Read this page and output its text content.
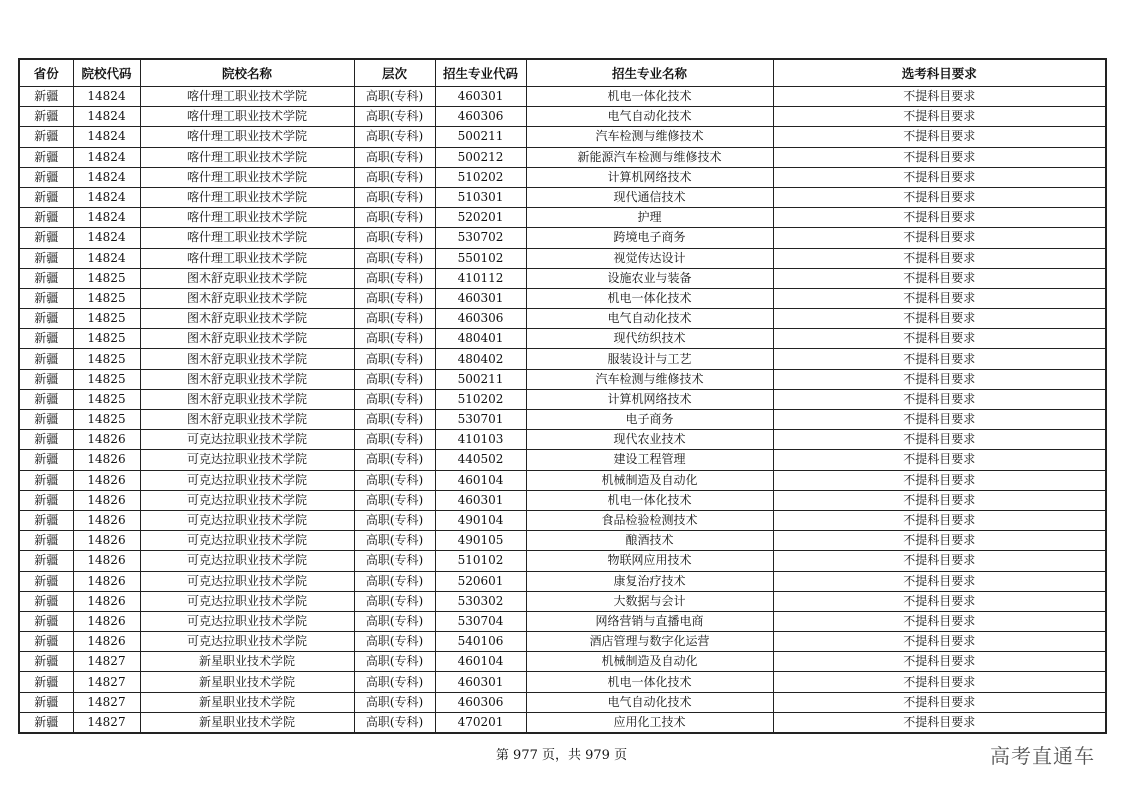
省份	院校代码	院校名称	层次	招生专业代码	招生专业名称	选考科目要求
新疆	14824	喀什理工职业技术学院	高职(专科)	460301	机电一体化技术	不提科目要求
新疆	14824	喀什理工职业技术学院	高职(专科)	460306	电气自动化技术	不提科目要求
新疆	14824	喀什理工职业技术学院	高职(专科)	500211	汽车检测与维修技术	不提科目要求
新疆	14824	喀什理工职业技术学院	高职(专科)	500212	新能源汽车检测与维修技术	不提科目要求
新疆	14824	喀什理工职业技术学院	高职(专科)	510202	计算机网络技术	不提科目要求
新疆	14824	喀什理工职业技术学院	高职(专科)	510301	现代通信技术	不提科目要求
新疆	14824	喀什理工职业技术学院	高职(专科)	520201	护理	不提科目要求
新疆	14824	喀什理工职业技术学院	高职(专科)	530702	跨境电子商务	不提科目要求
新疆	14824	喀什理工职业技术学院	高职(专科)	550102	视觉传达设计	不提科目要求
新疆	14825	图木舒克职业技术学院	高职(专科)	410112	设施农业与装备	不提科目要求
新疆	14825	图木舒克职业技术学院	高职(专科)	460301	机电一体化技术	不提科目要求
新疆	14825	图木舒克职业技术学院	高职(专科)	460306	电气自动化技术	不提科目要求
新疆	14825	图木舒克职业技术学院	高职(专科)	480401	现代纺织技术	不提科目要求
新疆	14825	图木舒克职业技术学院	高职(专科)	480402	服装设计与工艺	不提科目要求
新疆	14825	图木舒克职业技术学院	高职(专科)	500211	汽车检测与维修技术	不提科目要求
新疆	14825	图木舒克职业技术学院	高职(专科)	510202	计算机网络技术	不提科目要求
新疆	14825	图木舒克职业技术学院	高职(专科)	530701	电子商务	不提科目要求
新疆	14826	可克达拉职业技术学院	高职(专科)	410103	现代农业技术	不提科目要求
新疆	14826	可克达拉职业技术学院	高职(专科)	440502	建设工程管理	不提科目要求
新疆	14826	可克达拉职业技术学院	高职(专科)	460104	机械制造及自动化	不提科目要求
新疆	14826	可克达拉职业技术学院	高职(专科)	460301	机电一体化技术	不提科目要求
新疆	14826	可克达拉职业技术学院	高职(专科)	490104	食品检验检测技术	不提科目要求
新疆	14826	可克达拉职业技术学院	高职(专科)	490105	酿酒技术	不提科目要求
新疆	14826	可克达拉职业技术学院	高职(专科)	510102	物联网应用技术	不提科目要求
新疆	14826	可克达拉职业技术学院	高职(专科)	520601	康复治疗技术	不提科目要求
新疆	14826	可克达拉职业技术学院	高职(专科)	530302	大数据与会计	不提科目要求
新疆	14826	可克达拉职业技术学院	高职(专科)	530704	网络营销与直播电商	不提科目要求
新疆	14826	可克达拉职业技术学院	高职(专科)	540106	酒店管理与数字化运营	不提科目要求
新疆	14827	新星职业技术学院	高职(专科)	460104	机械制造及自动化	不提科目要求
新疆	14827	新星职业技术学院	高职(专科)	460301	机电一体化技术	不提科目要求
新疆	14827	新星职业技术学院	高职(专科)	460306	电气自动化技术	不提科目要求
新疆	14827	新星职业技术学院	高职(专科)	470201	应用化工技术	不提科目要求
第 977 页，共 979 页	高考直通车
